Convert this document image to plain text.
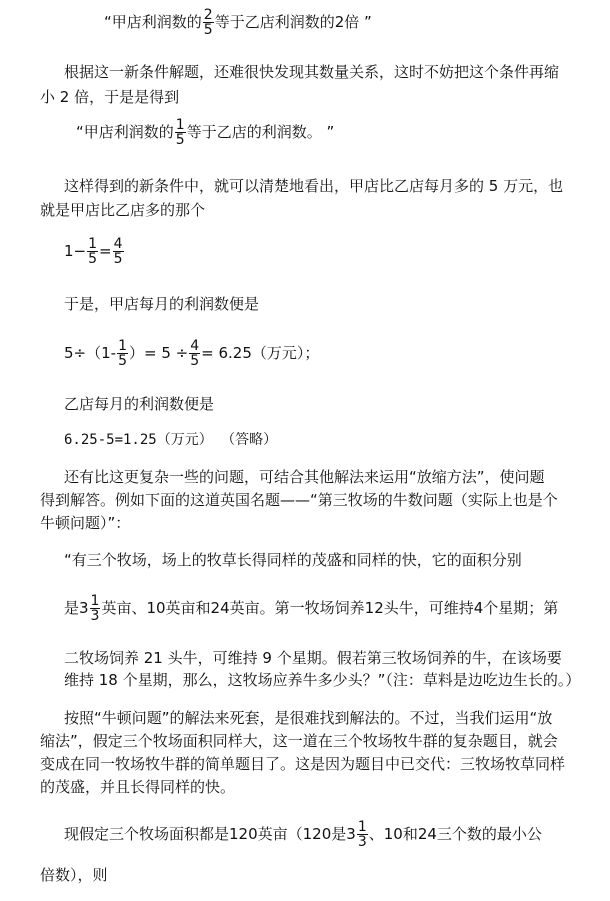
“甲店利润数的 $\frac{2}{5}$ 等于乙店利润数的2倍 ”
根据这一新条件解题，还难很快发现其数量关系，这时不妨把这个条件再缩
小 2 倍，于是是得到
“甲店利润数的 $\frac{1}{5}$ 等于乙店的利润数。 ”
这样得到的新条件中，就可以清楚地看出，甲店比乙店每月多的 5 万元，也
就是甲店比乙店多的那个
$1- \frac{1}{5} = \frac{4}{5}$
于是，甲店每月的利润数便是
$5\div(1- \frac{1}{5}$ ）= $5 \div \frac{4}{5} = 6.25$（万元）；
乙店每月的利润数便是
6.25-5=1.25（万元） （答略）
还有比这更复杂一些的问题，可结合其他解法来运用“放缩方法”，使问题
得到解答。例如下面的这道英国名题——“第三牧场的牛数问题（实际上也是个
牛顿问题）”：
“有三个牧场，场上的牧草长得同样的茂盛和同样的快，它的面积分别
是$3 \frac{1}{3}$ 英亩、10英亩和24英亩。第一牧场饲养12头牛，可维持4个星期；第
二牧场饲养 21 头牛，可维持 9 个星期。假若第三牧场饲养的牛，在该场要
维持 18 个星期，那么，这牧场应养牛多少头？”（注：草料是边吃边生长的。）
按照“牛顿问题”的解法来死套，是很难找到解法的。不过，当我们运用“放
缩法”，假定三个牧场面积同样大，这一道在三个牧场牧牛群的复杂题目，就会
变成在同一牧场牧牛群的简单题目了。这是因为题目中已交代：三牧场牧草同样
的茂盛，并且长得同样的快。
现假定三个牧场面积都是120英亩（120是$3 \frac{1}{3}$ 、10和24三个数的最小公
倍数），则
